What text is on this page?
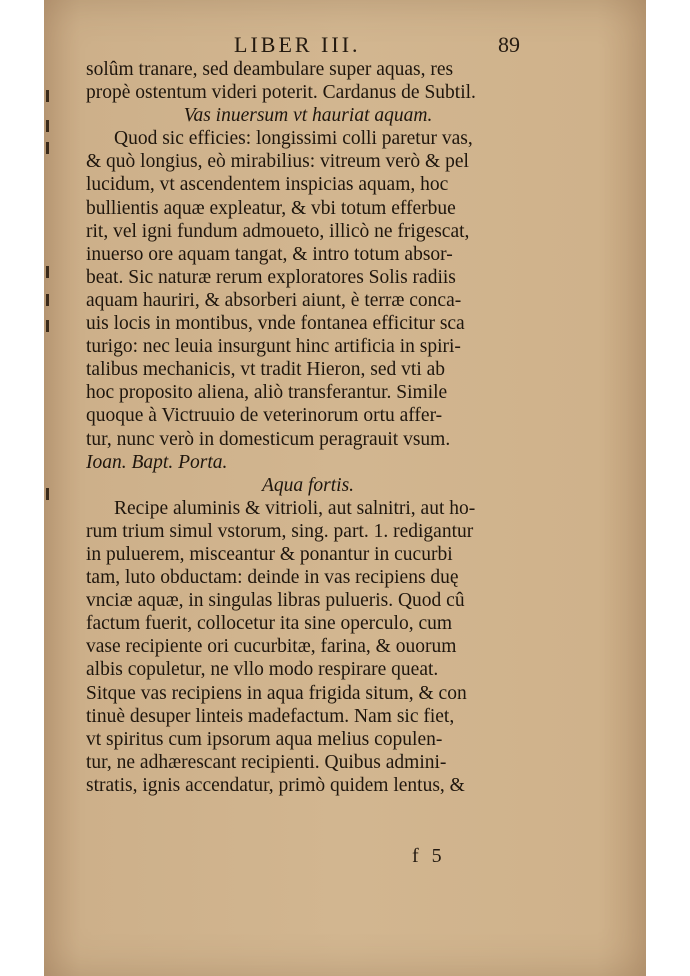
LIBER III.	89
solûm tranare, sed deambulare super aquas, res
propè ostentum videri poterit. Cardanus de Subtil.
Vas inuersum vt hauriat aquam.
Quod sic efficies: longissimi colli paretur vas,
& quò longius, eò mirabilius: vitreum verò & pel
lucidum, vt ascendentem inspicias aquam, hoc
bullientis aquæ expleatur, & vbi totum efferbue
rit, vel igni fundum admoueto, illicò ne frigescat,
inuerso ore aquam tangat, & intro totum absor-
beat. Sic naturæ rerum exploratores Solis radiis
aquam hauriri, & absorberi aiunt, è terræ conca-
uis locis in montibus, vnde fontanea efficitur sca
turigo: nec leuia insurgunt hinc artificia in spiri-
talibus mechanicis, vt tradit Hieron, sed vti ab
hoc proposito aliena, aliò transferantur. Simile
quoque à Victruuio de veterinorum ortu affer-
tur, nunc verò in domesticum peragrauit vsum.
Ioan. Bapt. Porta.
Aqua fortis.
Recipe aluminis & vitrioli, aut salnitri, aut ho-
rum trium simul vstorum, sing. part. 1. redigantur
in puluerem, misceantur & ponantur in cucurbi
tam, luto obductam: deinde in vas recipiens duę
vnciæ aquæ, in singulas libras pulueris. Quod cû
factum fuerit, collocetur ita sine operculo, cum
vase recipiente ori cucurbitæ, farina, & ouorum
albis copuletur, ne vllo modo respirare queat.
Sitque vas recipiens in aqua frigida situm, & con
tinuè desuper linteis madefactum. Nam sic fiet,
vt spiritus cum ipsorum aqua melius copulen-
tur, ne adhærescant recipienti. Quibus admini-
stratis, ignis accendatur, primò quidem lentus, &
f 5
